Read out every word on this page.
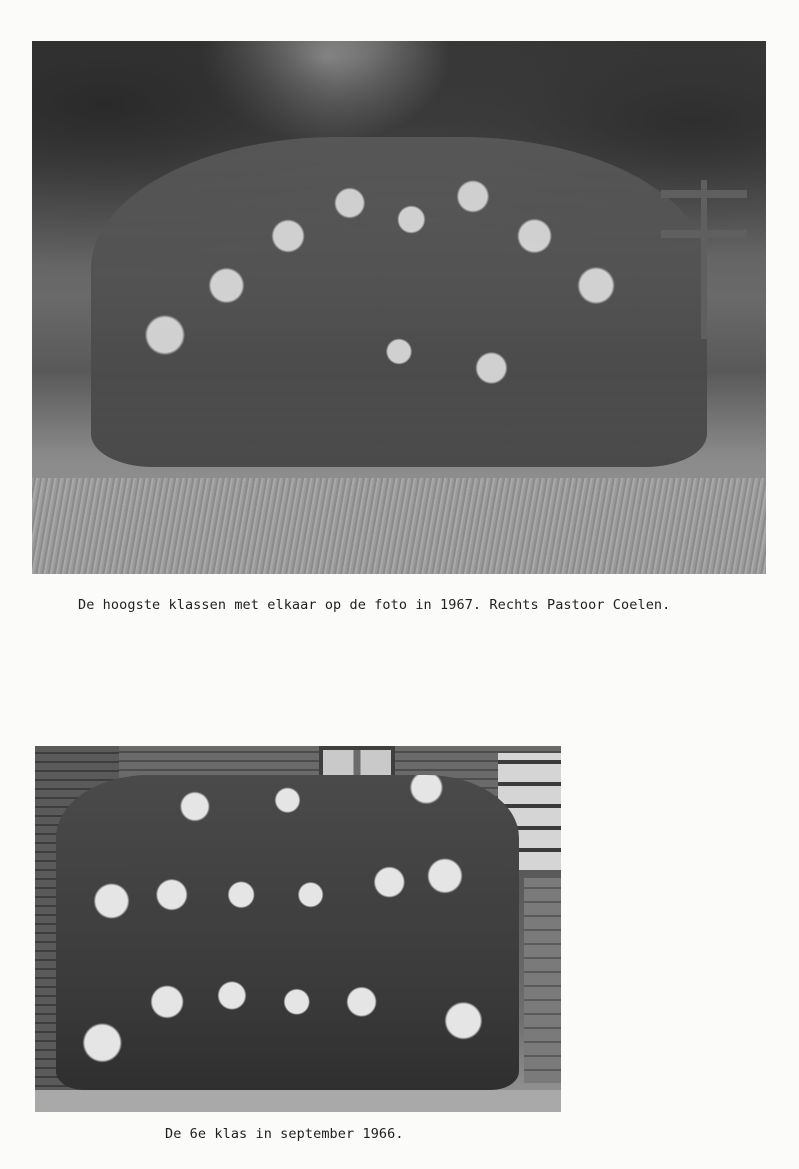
De hoogste klassen met elkaar op de foto in 1967. Rechts Pastoor Coelen.
De 6e klas in september 1966.
